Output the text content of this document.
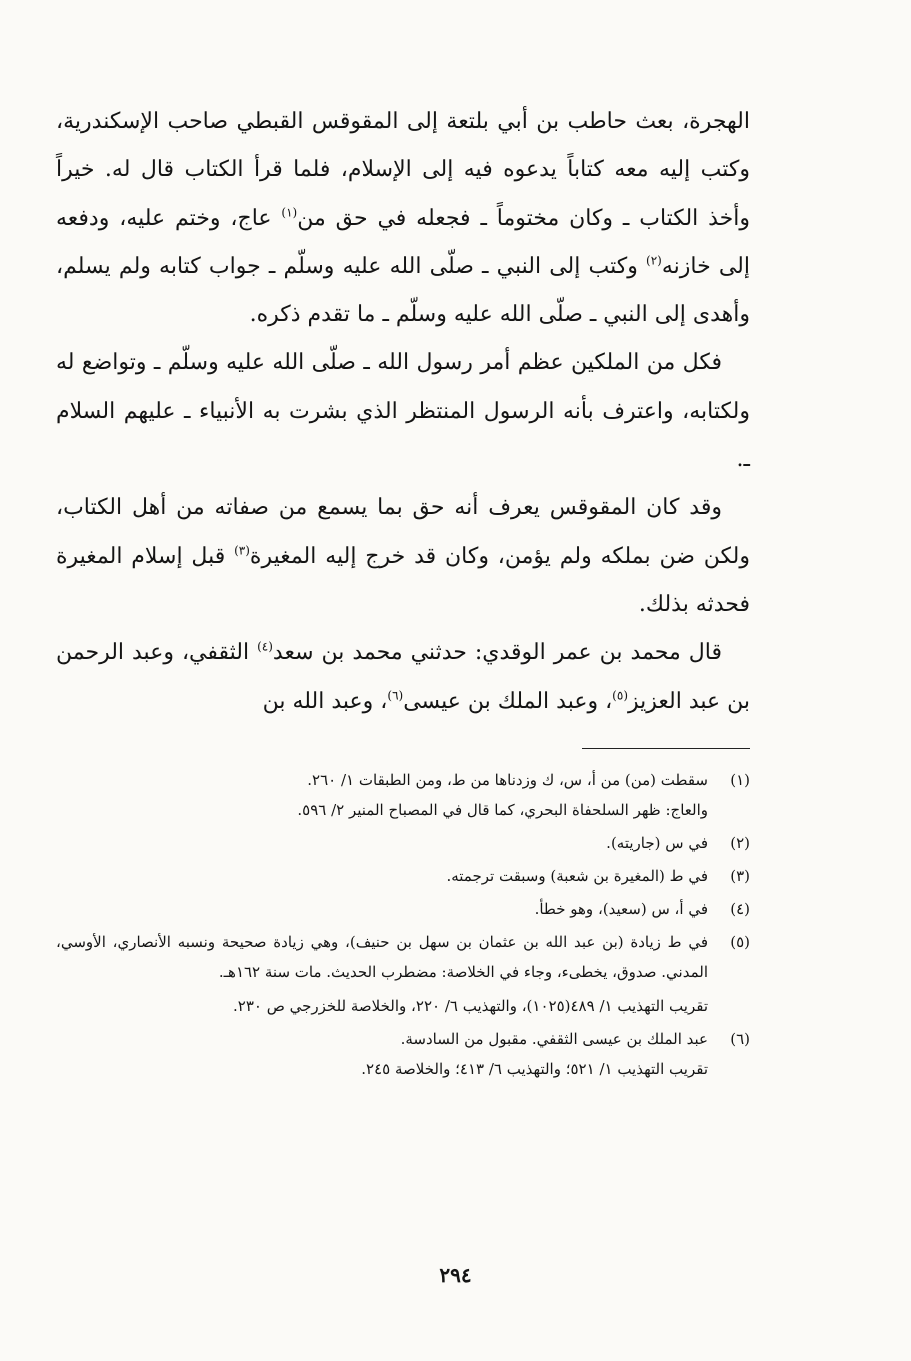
الهجرة، بعث حاطب بن أبي بلتعة إلى المقوقس القبطي صاحب الإسكندرية، وكتب إليه معه كتاباً يدعوه فيه إلى الإسلام، فلما قرأ الكتاب قال له. خيراً وأخذ الكتاب ـ وكان مختوماً ـ فجعله في حق من$^{(١)}$ عاج، وختم عليه، ودفعه إلى خازنه$^{(٢)}$ وكتب إلى النبي ـ صلّى الله عليه وسلّم ـ جواب كتابه ولم يسلم، وأهدى إلى النبي ـ صلّى الله عليه وسلّم ـ ما تقدم ذكره.

فكل من الملكين عظم أمر رسول الله ـ صلّى الله عليه وسلّم ـ وتواضع له ولكتابه، واعترف بأنه الرسول المنتظر الذي بشرت به الأنبياء ـ عليهم السلام ـ.

وقد كان المقوقس يعرف أنه حق بما يسمع من صفاته من أهل الكتاب، ولكن ضن بملكه ولم يؤمن، وكان قد خرج إليه المغيرة$^{(٣)}$ قبل إسلام المغيرة فحدثه بذلك.

قال محمد بن عمر الوقدي: حدثني محمد بن سعد$^{(٤)}$ الثقفي، وعبد الرحمن بن عبد العزيز$^{(٥)}$، وعبد الملك بن عيسى$^{(٦)}$، وعبد الله بن

(١)

سقطت (من) من أ، س، ك وزدناها من ط، ومن الطبقات ١/ ٢٦٠.

والعاج: ظهر السلحفاة البحري، كما قال في المصباح المنير ٢/ ٥٩٦.

(٢)

في س (جاريته).

(٣)

في ط (المغيرة بن شعبة) وسبقت ترجمته.

(٤)

في أ، س (سعيد)، وهو خطأ.

(٥)

في ط زيادة (بن عبد الله بن عثمان بن سهل بن حنيف)، وهي زيادة صحيحة ونسبه الأنصاري، الأوسي، المدني. صدوق، يخطىء، وجاء في الخلاصة: مضطرب الحديث. مات سنة ١٦٢هـ.

تقريب التهذيب ١/ ٤٨٩(١٠٢٥)، والتهذيب ٦/ ٢٢٠، والخلاصة للخزرجي ص ٢٣٠.

(٦)

عبد الملك بن عيسى الثقفي. مقبول من السادسة.

تقريب التهذيب ١/ ٥٢١؛ والتهذيب ٦/ ٤١٣؛ والخلاصة ٢٤٥.

٢٩٤
